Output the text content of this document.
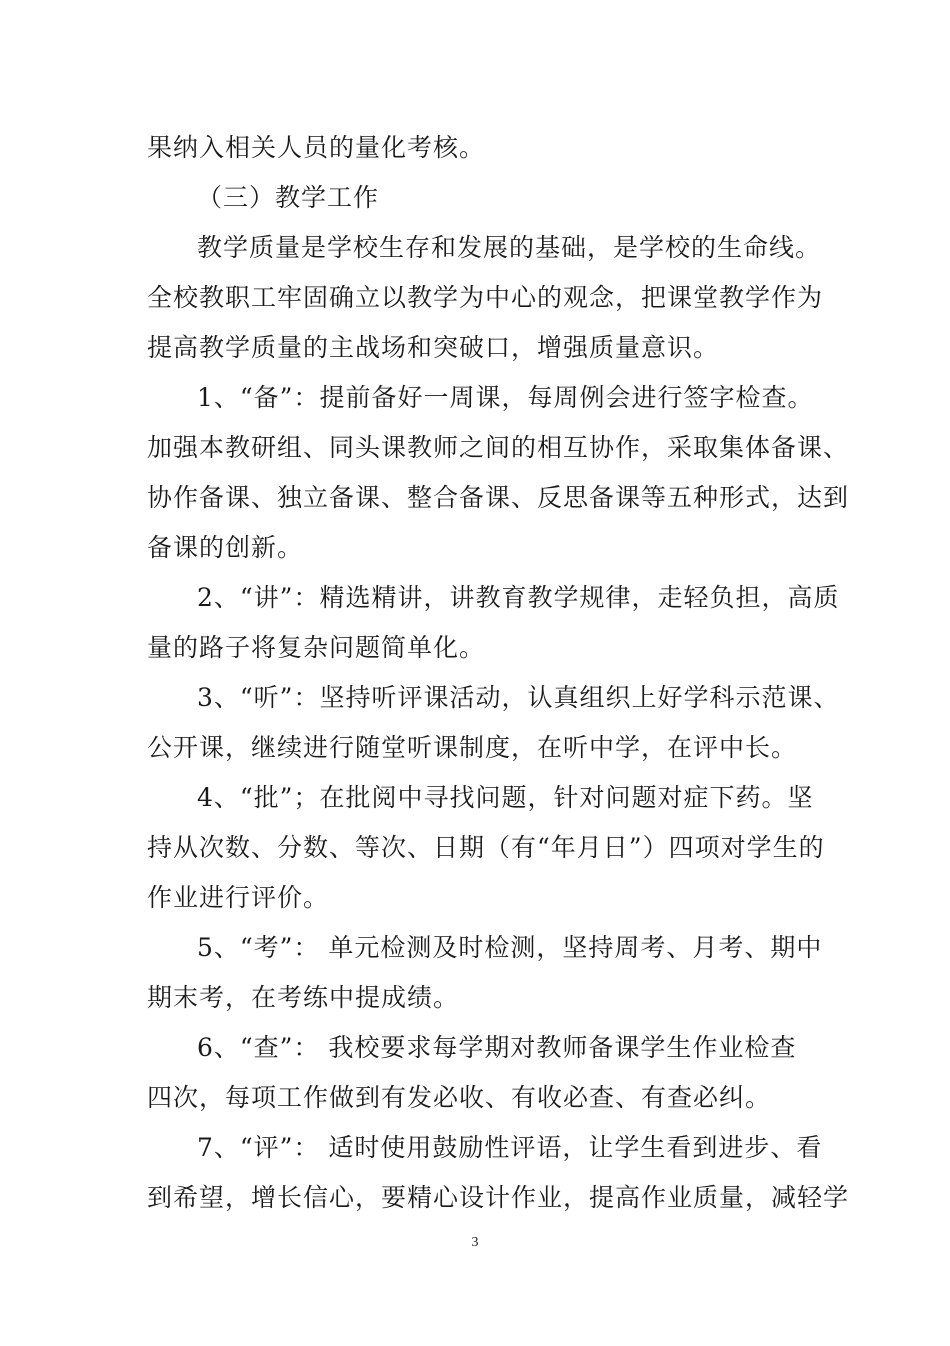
果纳入相关人员的量化考核。
（三）教学工作
教学质量是学校生存和发展的基础，是学校的生命线。
全校教职工牢固确立以教学为中心的观念，把课堂教学作为
提高教学质量的主战场和突破口，增强质量意识。
1、“备”：提前备好一周课，每周例会进行签字检查。
加强本教研组、同头课教师之间的相互协作，采取集体备课、
协作备课、独立备课、整合备课、反思备课等五种形式，达到
备课的创新。
2、“讲”：精选精讲，讲教育教学规律，走轻负担，高质
量的路子将复杂问题简单化。
3、“听”：坚持听评课活动，认真组织上好学科示范课、
公开课，继续进行随堂听课制度，在听中学，在评中长。
4、“批”；在批阅中寻找问题，针对问题对症下药。坚
持从次数、分数、等次、日期（有“年月日”）四项对学生的
作业进行评价。
5、“考”： 单元检测及时检测，坚持周考、月考、期中
期末考，在考练中提成绩。
6、“查”： 我校要求每学期对教师备课学生作业检查
四次，每项工作做到有发必收、有收必查、有查必纠。
7、“评”： 适时使用鼓励性评语，让学生看到进步、看
到希望，增长信心，要精心设计作业，提高作业质量，减轻学
3
